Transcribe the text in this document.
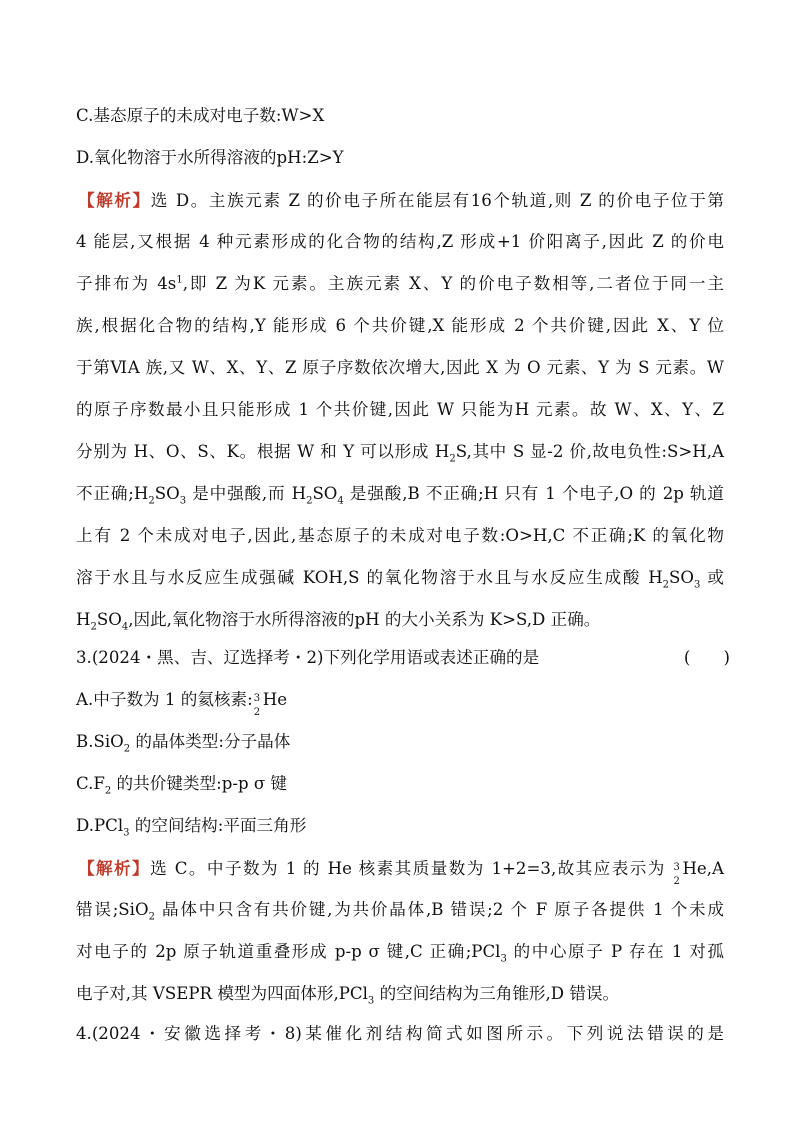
C.基态原子的未成对电子数:W>X
D.氧化物溶于水所得溶液的pH:Z>Y
【解析】选 D。主族元素 Z 的价电子所在能层有16个轨道,则 Z 的价电子位于第
4 能层,又根据 4 种元素形成的化合物的结构,Z 形成+1 价阳离子,因此 Z 的价电
子排布为 $4s^1$,即 Z 为K 元素。主族元素 X、Y 的价电子数相等,二者位于同一主
族,根据化合物的结构,Y 能形成 6 个共价键,X 能形成 2 个共价键,因此 X、Y 位
于第ⅥA 族,又 W、X、Y、Z 原子序数依次增大,因此 X 为 O 元素、Y 为 S 元素。W
的原子序数最小且只能形成 1 个共价键,因此 W 只能为H 元素。故 W、X、Y、Z
分别为 H、O、S、K。根据 W 和 Y 可以形成 $H_2S$,其中 S 显-2 价,故电负性:S>H,A
不正确$;H_2SO_3$ 是中强酸,而 $H_2SO_4$ 是强酸,B 不正确;H 只有 1 个电子,O 的 2p 轨道
上有 2 个未成对电子,因此,基态原子的未成对电子数:O>H,C 不正确;K 的氧化物
溶于水且与水反应生成强碱 KOH,S 的氧化物溶于水且与水反应生成酸 $H_2SO_3$ 或
$H_2SO_4$,因此,氧化物溶于水所得溶液的pH 的大小关系为 K>S,D 正确。
3.(2024・黑、吉、辽选择考・2)下列化学用语或表述正确的是	(　　)
A.中子数为 1 的氦核素: 3
2
He
B.SiO$_2$ 的晶体类型:分子晶体
$C.F_2$ 的共价键类型:p-p σ 键
D.PCl$_3$ 的空间结构:平面三角形
【解析】选 C。中子数为 1 的 He 核素其质量数为 1+2=3,故其应表示为 3
2
He,A
错误;SiO$_2$ 晶体中只含有共价键,为共价晶体,B 错误;2 个 F 原子各提供 1 个未成
对电子的 2p 原子轨道重叠形成 p-p σ 键,C 正确;PCl$_3$ 的中心原子 P 存在 1 对孤
电子对,其 VSEPR 模型为四面体形,PCl$_3$ 的空间结构为三角锥形,D 错误。
4.(2024・安徽选择考・8)某催化剂结构简式如图所示。下列说法错误的是
